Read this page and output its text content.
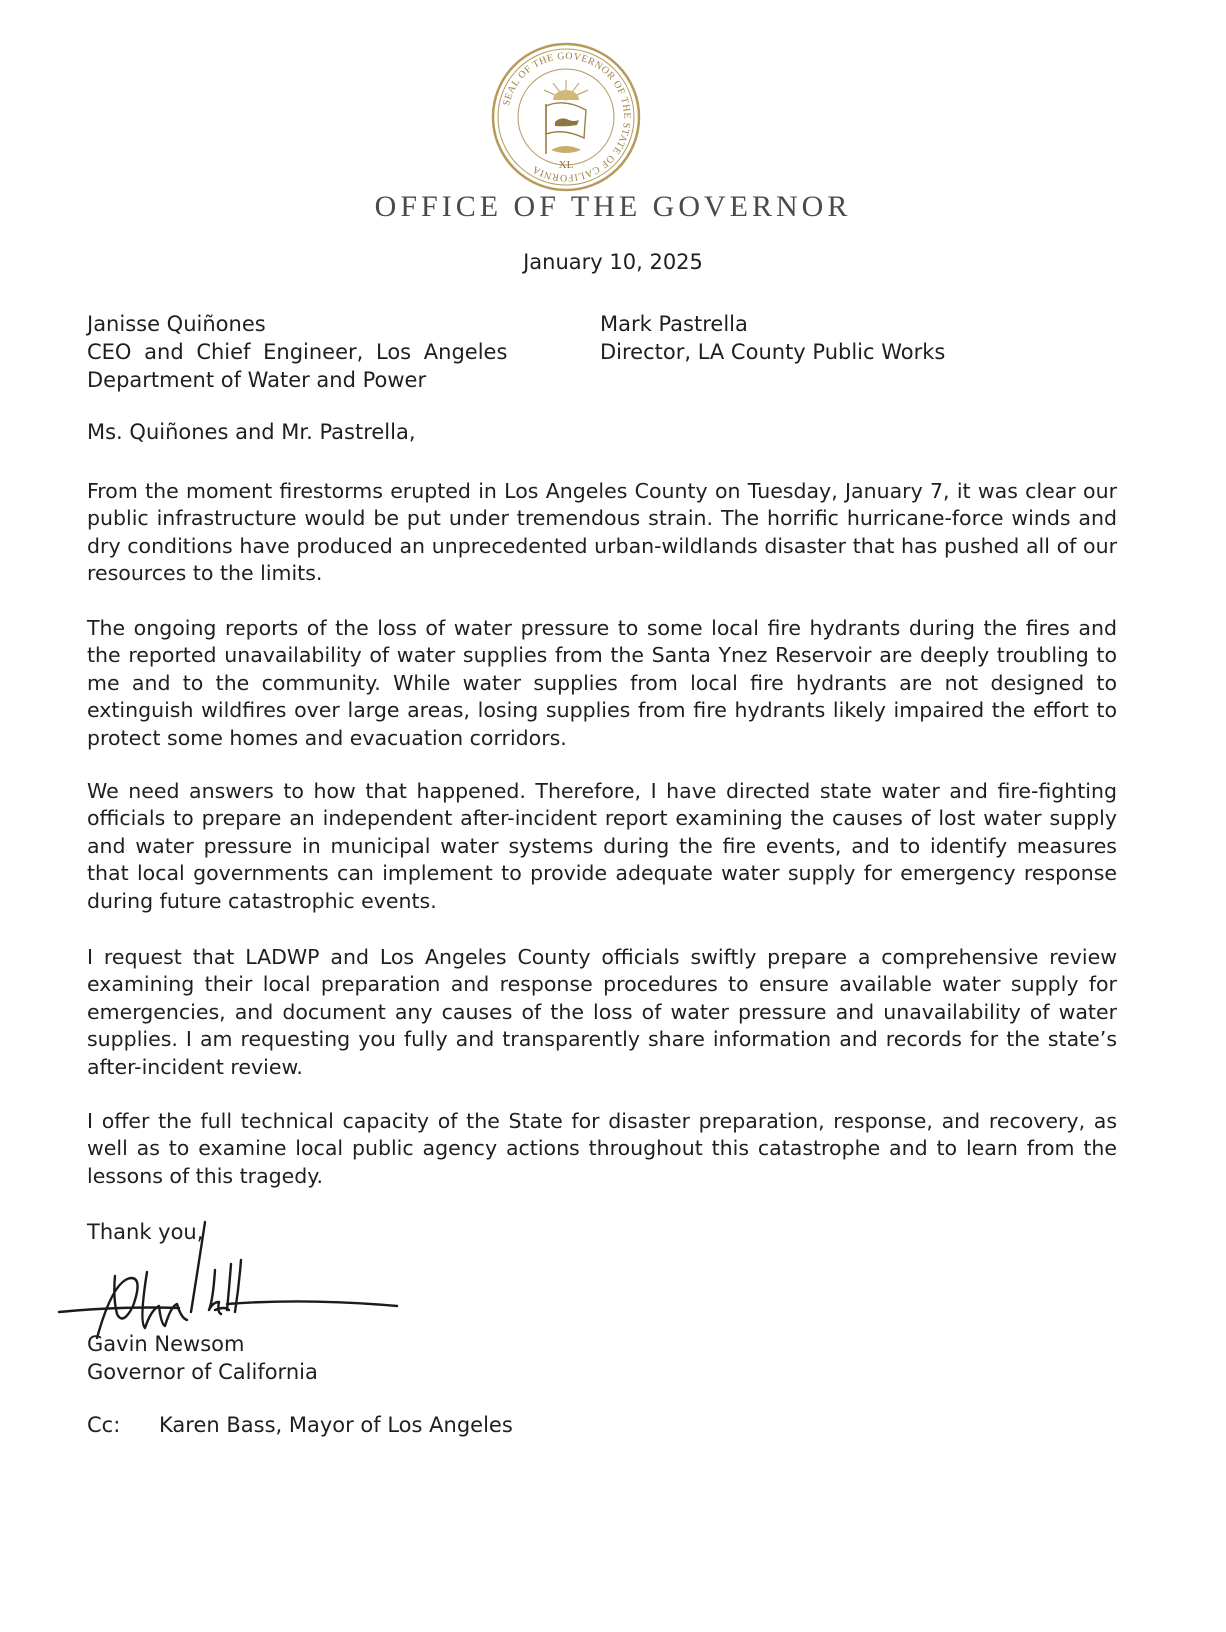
SEAL OF THE GOVERNOR OF THE STATE OF CALIFORNIA	XL
OFFICE OF THE GOVERNOR
January 10, 2025
Janisse Quiñones
CEO and Chief Engineer, Los Angeles
Department of Water and Power
Mark Pastrella
Director, LA County Public Works
Ms. Quiñones and Mr. Pastrella,

From the moment firestorms erupted in Los Angeles County on Tuesday, January 7, it was clear our public infrastructure would be put under tremendous strain. The horrific hurricane-force winds and dry conditions have produced an unprecedented urban-wildlands disaster that has pushed all of our resources to the limits.

The ongoing reports of the loss of water pressure to some local fire hydrants during the fires and the reported unavailability of water supplies from the Santa Ynez Reservoir are deeply troubling to me and to the community. While water supplies from local fire hydrants are not designed to extinguish wildfires over large areas, losing supplies from fire hydrants likely impaired the effort to protect some homes and evacuation corridors.

We need answers to how that happened. Therefore, I have directed state water and fire-fighting officials to prepare an independent after-incident report examining the causes of lost water supply and water pressure in municipal water systems during the fire events, and to identify measures that local governments can implement to provide adequate water supply for emergency response during future catastrophic events.

I request that LADWP and Los Angeles County officials swiftly prepare a comprehensive review examining their local preparation and response procedures to ensure available water supply for emergencies, and document any causes of the loss of water pressure and unavailability of water supplies. I am requesting you fully and transparently share information and records for the state’s after-incident review.

I offer the full technical capacity of the State for disaster preparation, response, and recovery, as well as to examine local public agency actions throughout this catastrophe and to learn from the lessons of this tragedy.

Thank you,
Gavin Newsom
Governor of California
Cc: Karen Bass, Mayor of Los Angeles
